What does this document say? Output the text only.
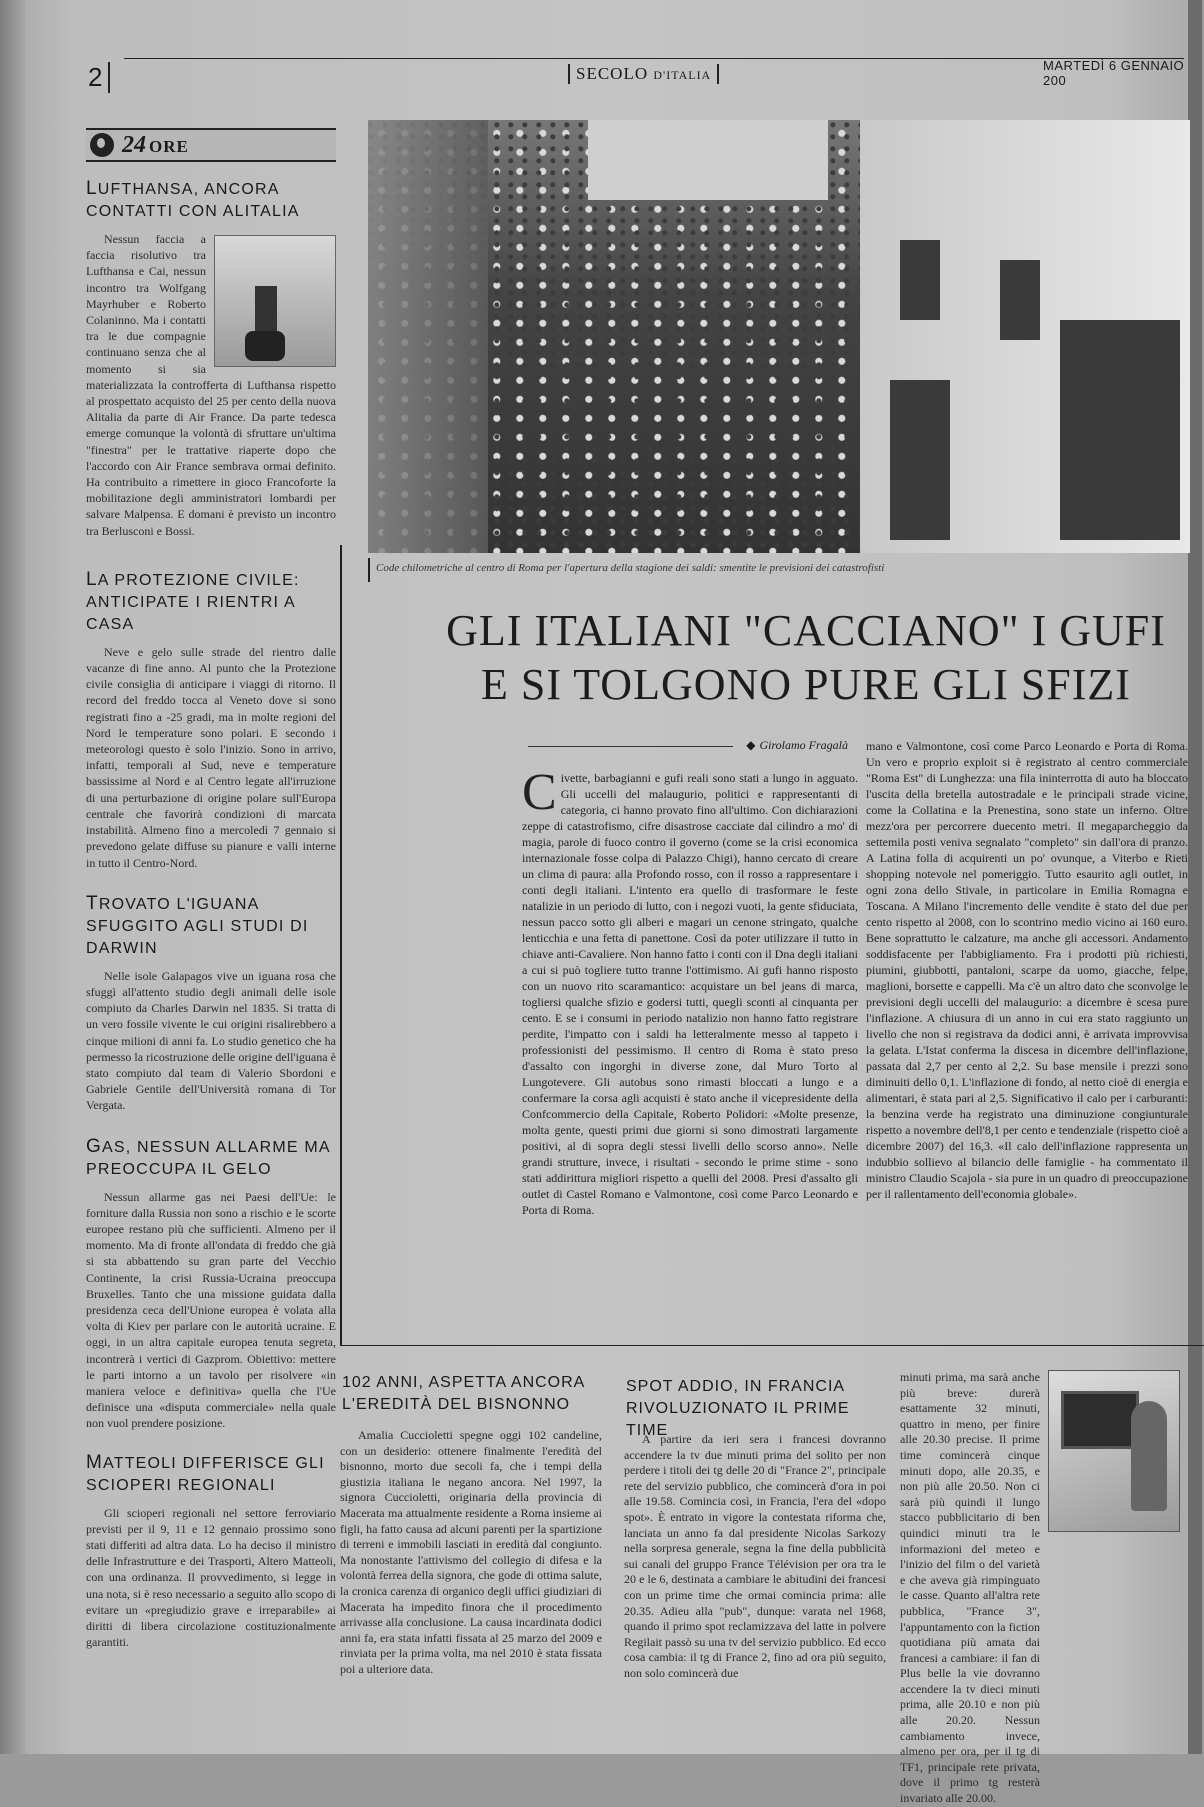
2	SECOLO D'ITALIA
MARTEDÌ 6 GENNAIO 200
24 ORE
LUFTHANSA, ANCORA CONTATTI CON ALITALIA
Nessun faccia a faccia risolutivo tra Lufthansa e Cai, nessun incontro tra Wolfgang Mayrhuber e Roberto Colaninno. Ma i contatti tra le due compagnie continuano senza che al momento si sia materializzata la controfferta di Lufthansa rispetto al prospettato acquisto del 25 per cento della nuova Alitalia da parte di Air France. Da parte tedesca emerge comunque la volontà di sfruttare un'ultima "finestra" per le trattative riaperte dopo che l'accordo con Air France sembrava ormai definito. Ha contribuito a rimettere in gioco Francoforte la mobilitazione degli amministratori lombardi per salvare Malpensa. E domani è previsto un incontro tra Berlusconi e Bossi.
LA PROTEZIONE CIVILE: ANTICIPATE I RIENTRI A CASA
Neve e gelo sulle strade del rientro dalle vacanze di fine anno. Al punto che la Protezione civile consiglia di anticipare i viaggi di ritorno. Il record del freddo tocca al Veneto dove si sono registrati fino a -25 gradi, ma in molte regioni del Nord le temperature sono polari. E secondo i meteorologi questo è solo l'inizio. Sono in arrivo, infatti, temporali al Sud, neve e temperature bassissime al Nord e al Centro legate all'irruzione di una perturbazione di origine polare sull'Europa centrale che favorirà condizioni di marcata instabilità. Almeno fino a mercoledì 7 gennaio si prevedono gelate diffuse su pianure e valli interne in tutto il Centro-Nord.
TROVATO L'IGUANA SFUGGITO AGLI STUDI DI DARWIN
Nelle isole Galapagos vive un iguana rosa che sfuggì all'attento studio degli animali delle isole compiuto da Charles Darwin nel 1835. Si tratta di un vero fossile vivente le cui origini risalirebbero a cinque milioni di anni fa. Lo studio genetico che ha permesso la ricostruzione delle origine dell'iguana è stato compiuto dal team di Valerio Sbordoni e Gabriele Gentile dell'Università romana di Tor Vergata.
GAS, NESSUN ALLARME MA PREOCCUPA IL GELO
Nessun allarme gas nei Paesi dell'Ue: le forniture dalla Russia non sono a rischio e le scorte europee restano più che sufficienti. Almeno per il momento. Ma di fronte all'ondata di freddo che già si sta abbattendo su gran parte del Vecchio Continente, la crisi Russia-Ucraina preoccupa Bruxelles. Tanto che una missione guidata dalla presidenza ceca dell'Unione europea è volata alla volta di Kiev per parlare con le autorità ucraine. E oggi, in un altra capitale europea tenuta segreta, incontrerà i vertici di Gazprom. Obiettivo: mettere le parti intorno a un tavolo per risolvere «in maniera veloce e definitiva» quella che l'Ue definisce una «disputa commerciale» nella quale non vuol prendere posizione.
MATTEOLI DIFFERISCE GLI SCIOPERI REGIONALI
Gli scioperi regionali nel settore ferroviario previsti per il 9, 11 e 12 gennaio prossimo sono stati differiti ad altra data. Lo ha deciso il ministro delle Infrastrutture e dei Trasporti, Altero Matteoli, con una ordinanza. Il provvedimento, si legge in una nota, si è reso necessario a seguito allo scopo di evitare un «pregiudizio grave e irreparabile» ai diritti di libera circolazione costituzionalmente garantiti.
Code chilometriche al centro di Roma per l'apertura della stagione dei saldi: smentite le previsioni dei catastrofisti
GLI ITALIANI "CACCIANO" I GUFI
E SI TOLGONO PURE GLI SFIZI
◆ Girolamo Fragalà
Civette, barbagianni e gufi reali sono stati a lungo in agguato. Gli uccelli del malaugurio, politici e rappresentanti di categoria, ci hanno provato fino all'ultimo. Con dichiarazioni zeppe di catastrofismo, cifre disastrose cacciate dal cilindro a mo' di magia, parole di fuoco contro il governo (come se la crisi economica internazionale fosse colpa di Palazzo Chigi), hanno cercato di creare un clima di paura: alla Profondo rosso, con il rosso a rappresentare i conti degli italiani. L'intento era quello di trasformare le feste natalizie in un periodo di lutto, con i negozi vuoti, la gente sfiduciata, nessun pacco sotto gli alberi e magari un cenone stringato, qualche lenticchia e una fetta di panettone. Così da poter utilizzare il tutto in chiave anti-Cavaliere. Non hanno fatto i conti con il Dna degli italiani a cui si può togliere tutto tranne l'ottimismo. Ai gufi hanno risposto con un nuovo rito scaramantico: acquistare un bel jeans di marca, togliersi qualche sfizio e godersi tutti, quegli sconti al cinquanta per cento. E se i consumi in periodo natalizio non hanno fatto registrare perdite, l'impatto con i saldi ha letteralmente messo al tappeto i professionisti del pessimismo. Il centro di Roma è stato preso d'assalto con ingorghi in diverse zone, dal Muro Torto al Lungotevere. Gli autobus sono rimasti bloccati a lungo e a confermare la corsa agli acquisti è stato anche il vicepresidente della Confcommercio della Capitale, Roberto Polidori: «Molte presenze, molta gente, questi primi due giorni si sono dimostrati largamente positivi, al di sopra degli stessi livelli dello scorso anno». Nelle grandi strutture, invece, i risultati - secondo le prime stime - sono stati addirittura migliori rispetto a quelli del 2008. Presi d'assalto gli outlet di Castel Romano e Valmontone, così come Parco Leonardo e Porta di Roma.
mano e Valmontone, così come Parco Leonardo e Porta di Roma. Un vero e proprio exploit si è registrato al centro commerciale "Roma Est" di Lunghezza: una fila ininterrotta di auto ha bloccato l'uscita della bretella autostradale e le principali strade vicine, come la Collatina e la Prenestina, sono state un inferno. Oltre mezz'ora per percorrere duecento metri. Il megaparcheggio da settemila posti veniva segnalato "completo" sin dall'ora di pranzo. A Latina folla di acquirenti un po' ovunque, a Viterbo e Rieti shopping notevole nel pomeriggio. Tutto esaurito agli outlet, in ogni zona dello Stivale, in particolare in Emilia Romagna e Toscana. A Milano l'incremento delle vendite è stato del due per cento rispetto al 2008, con lo scontrino medio vicino ai 160 euro. Bene soprattutto le calzature, ma anche gli accessori. Andamento soddisfacente per l'abbigliamento. Fra i prodotti più richiesti, piumini, giubbotti, pantaloni, scarpe da uomo, giacche, felpe, maglioni, borsette e cappelli. Ma c'è un altro dato che sconvolge le previsioni degli uccelli del malaugurio: a dicembre è scesa pure l'inflazione. A chiusura di un anno in cui era stato raggiunto un livello che non si registrava da dodici anni, è arrivata improvvisa la gelata. L'Istat conferma la discesa in dicembre dell'inflazione, passata dal 2,7 per cento al 2,2. Su base mensile i prezzi sono diminuiti dello 0,1. L'inflazione di fondo, al netto cioè di energia e alimentari, è stata pari al 2,5. Significativo il calo per i carburanti: la benzina verde ha registrato una diminuzione congiunturale rispetto a novembre dell'8,1 per cento e tendenziale (rispetto cioè a dicembre 2007) del 16,3. «Il calo dell'inflazione rappresenta un indubbio sollievo al bilancio delle famiglie - ha commentato il ministro Claudio Scajola - sia pure in un quadro di preoccupazione per il rallentamento dell'economia globale».
102 ANNI, ASPETTA ANCORA L'EREDITÀ DEL BISNONNO
Amalia Cuccioletti spegne oggi 102 candeline, con un desiderio: ottenere finalmente l'eredità del bisnonno, morto due secoli fa, che i tempi della giustizia italiana le negano ancora. Nel 1997, la signora Cuccioletti, originaria della provincia di Macerata ma attualmente residente a Roma insieme ai figli, ha fatto causa ad alcuni parenti per la spartizione di terreni e immobili lasciati in eredità dal congiunto. Ma nonostante l'attivismo del collegio di difesa e la volontà ferrea della signora, che gode di ottima salute, la cronica carenza di organico degli uffici giudiziari di Macerata ha impedito finora che il procedimento arrivasse alla conclusione. La causa incardinata dodici anni fa, era stata infatti fissata al 25 marzo del 2009 e rinviata per la prima volta, ma nel 2010 è stata fissata poi a ulteriore data.
SPOT ADDIO, IN FRANCIA RIVOLUZIONATO IL PRIME TIME
A partire da ieri sera i francesi dovranno accendere la tv due minuti prima del solito per non perdere i titoli dei tg delle 20 di "France 2", principale rete del servizio pubblico, che comincerà d'ora in poi alle 19.58. Comincia così, in Francia, l'era del «dopo spot». È entrato in vigore la contestata riforma che, lanciata un anno fa dal presidente Nicolas Sarkozy nella sorpresa generale, segna la fine della pubblicità sui canali del gruppo France Télévision per ora tra le 20 e le 6, destinata a cambiare le abitudini dei francesi con un prime time che ormai comincia prima: alle 20.35. Adieu alla "pub", dunque: varata nel 1968, quando il primo spot reclamizzava del latte in polvere Regilait passò su una tv del servizio pubblico. Ed ecco cosa cambia: il tg di France 2, fino ad ora più seguito, non solo comincerà due
minuti prima, ma sarà anche più breve: durerà esattamente 32 minuti, quattro in meno, per finire alle 20.30 precise. Il prime time comincerà cinque minuti dopo, alle 20.35, e non più alle 20.50. Non ci sarà più quindi il lungo stacco pubblicitario di ben quindici minuti tra le informazioni del meteo e l'inizio del film o del varietà e che aveva già rimpinguato le casse. Quanto all'altra rete pubblica, "France 3", l'appuntamento con la fiction quotidiana più amata dai francesi a cambiare: il fan di Plus belle la vie dovranno accendere la tv dieci minuti prima, alle 20.10 e non più alle 20.20. Nessun cambiamento invece, almeno per ora, per il tg di TF1, principale rete privata, dove il primo tg resterà invariato alle 20.00.
